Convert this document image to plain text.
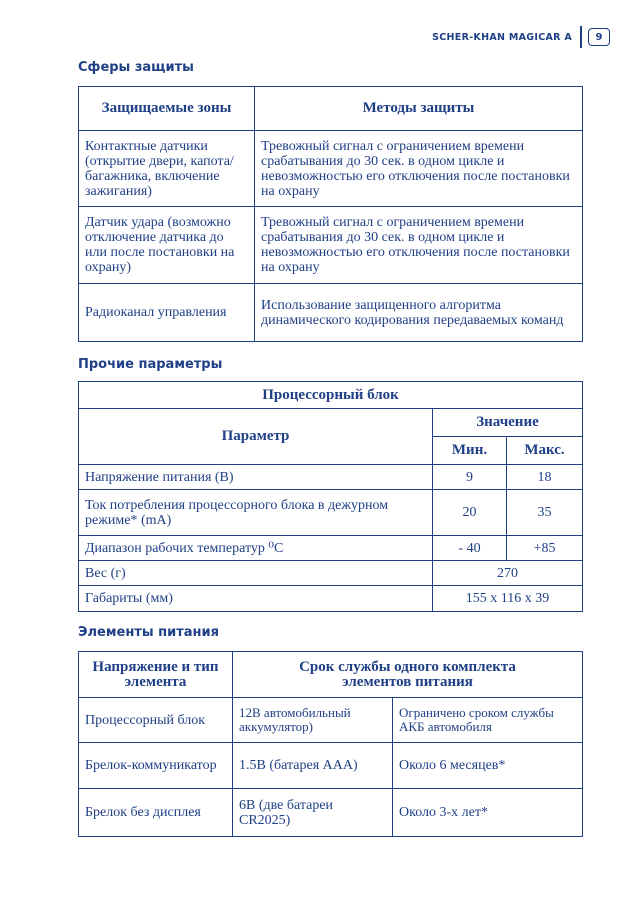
SCHER-KHAN MAGICAR A	9
Сферы защиты
Защищаемые зоны	Методы защиты
Контактные датчики (открытие двери, капота/багажника, включение зажигания)	Тревожный сигнал с ограничением времени срабатывания до 30 сек. в одном цикле и невозможностью его отключения после постановки на охрану
Датчик удара (возможно отключение датчика до или после постановки на охрану)	Тревожный сигнал с ограничением времени срабатывания до 30 сек. в одном цикле и невозможностью его отключения после постановки на охрану
Радиоканал управления	Использование защищенного алгоритма динамического кодирования передаваемых команд
Прочие параметры
Процессорный блок		
Параметр	Значение	
	Мин.	Макс.
Напряжение питания (В)	9	18
Ток потребления процессорного блока в дежурном режиме* (mA)	20	35
Диапазон рабочих температур ⁰С	- 40	+85
Вес (г)	270	
Габариты (мм)	155 x 116 x 39	
Элементы питания
Напряжение и тип элемента	Срок службы одного комплекта элементов питания	
Процессорный блок	12В автомобильный аккумулятор)	Ограничено сроком службы АКБ автомобиля
Брелок-коммуникатор	1.5В (батарея ААА)	Около 6 месяцев*
Брелок без дисплея	6В (две батареи CR2025)	Около 3-х лет*
